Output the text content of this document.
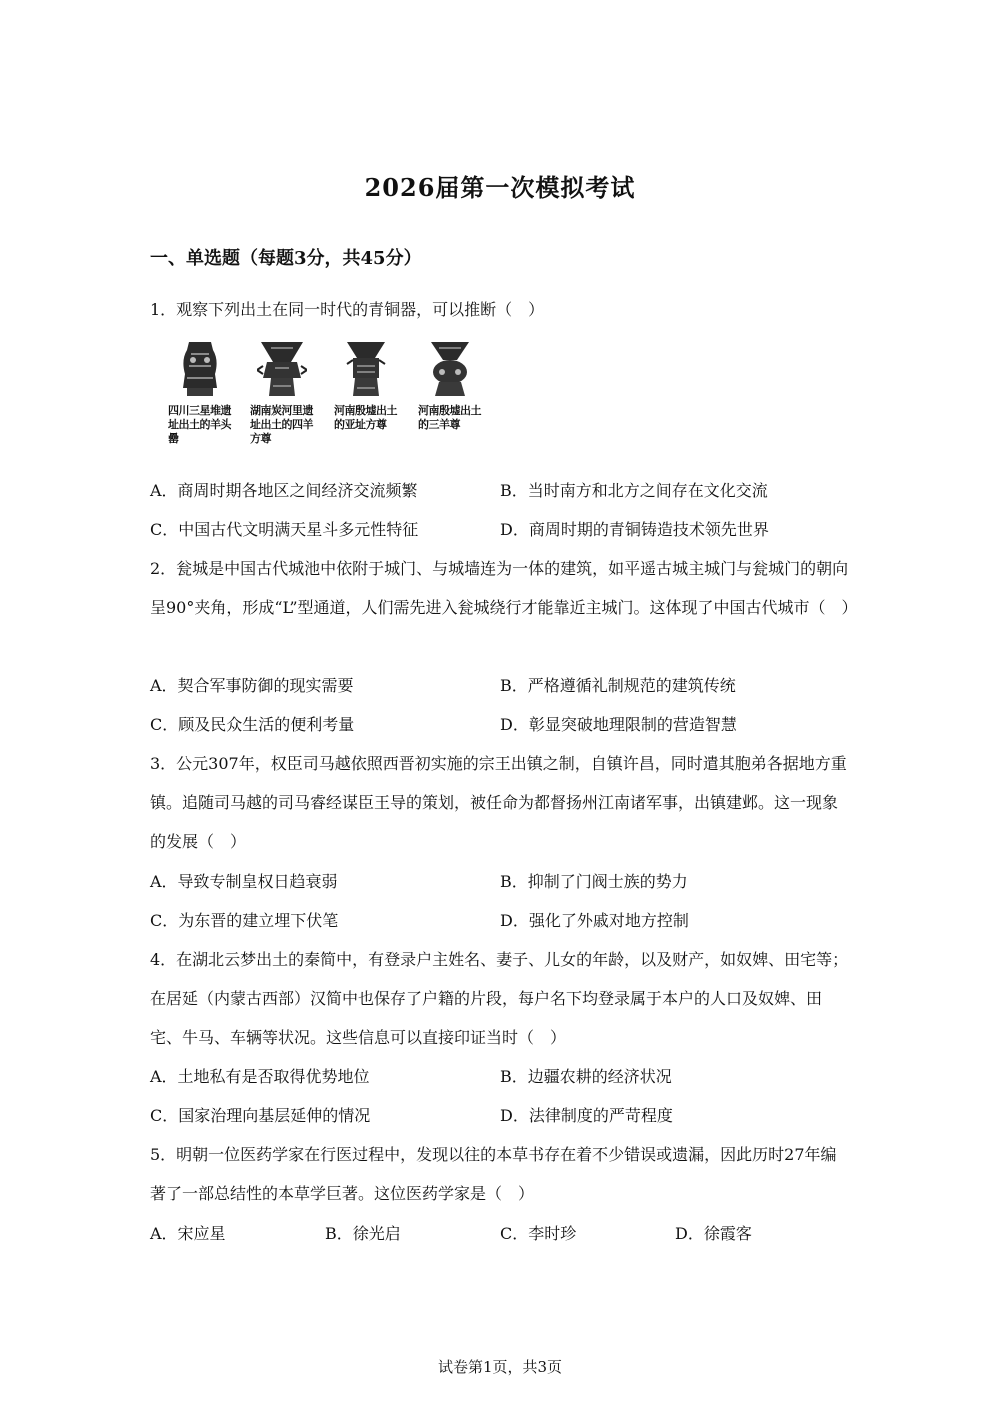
2026届第一次模拟考试
一、单选题（每题3分，共45分）
1．观察下列出土在同一时代的青铜器，可以推断（　）
四川三星堆遗址出土的羊头罍
湖南炭河里遗址出土的四羊方尊
河南殷墟出土的亚址方尊
河南殷墟出土的三羊尊
A．商周时期各地区之间经济交流频繁	B．当时南方和北方之间存在文化交流
C．中国古代文明满天星斗多元性特征	D．商周时期的青铜铸造技术领先世界
2．瓮城是中国古代城池中依附于城门、与城墙连为一体的建筑，如平遥古城主城门与瓮城门的朝向呈90°夹角，形成“L”型通道，人们需先进入瓮城绕行才能靠近主城门。这体现了中国古代城市（　）
A．契合军事防御的现实需要	B．严格遵循礼制规范的建筑传统
C．顾及民众生活的便利考量	D．彰显突破地理限制的营造智慧
3．公元307年，权臣司马越依照西晋初实施的宗王出镇之制，自镇许昌，同时遣其胞弟各据地方重镇。追随司马越的司马睿经谋臣王导的策划，被任命为都督扬州江南诸军事，出镇建邺。这一现象的发展（　）
A．导致专制皇权日趋衰弱	B．抑制了门阀士族的势力
C．为东晋的建立埋下伏笔	D．强化了外戚对地方控制
4．在湖北云梦出土的秦简中，有登录户主姓名、妻子、儿女的年龄，以及财产，如奴婢、田宅等；在居延（内蒙古西部）汉简中也保存了户籍的片段，每户名下均登录属于本户的人口及奴婢、田宅、牛马、车辆等状况。这些信息可以直接印证当时（　）
A．土地私有是否取得优势地位	B．边疆农耕的经济状况
C．国家治理向基层延伸的情况	D．法律制度的严苛程度
5．明朝一位医药学家在行医过程中，发现以往的本草书存在着不少错误或遗漏，因此历时27年编著了一部总结性的本草学巨著。这位医药学家是（　）
A．宋应星	B．徐光启	C．李时珍	D．徐霞客
试卷第1页，共3页
